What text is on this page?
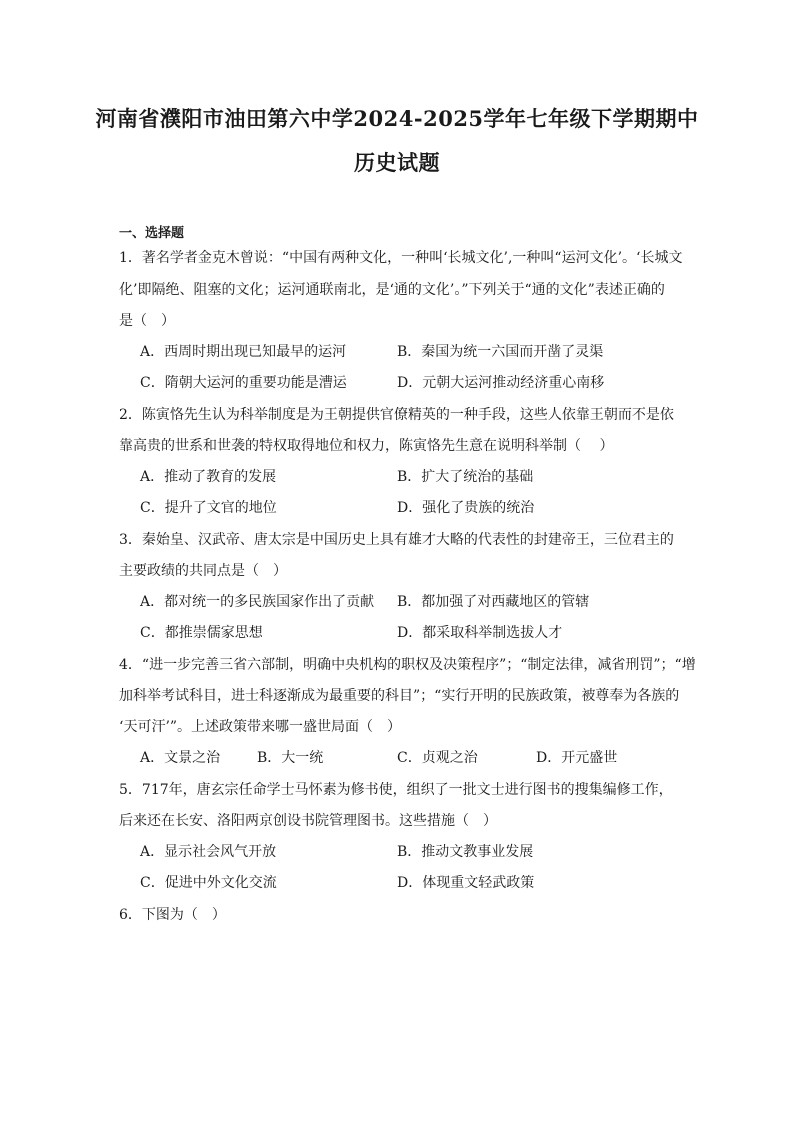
河南省濮阳市油田第六中学2024-2025学年七年级下学期期中
历史试题
一、选择题
1．著名学者金克木曾说：“中国有两种文化，一种叫‘长城文化’,一种叫“运河文化’。‘长城文
化’即隔绝、阻塞的文化；运河通联南北，是‘通的文化’。”下列关于“通的文化”表述正确的
是（　）
A．西周时期出现已知最早的运河	B．秦国为统一六国而开凿了灵渠
C．隋朝大运河的重要功能是漕运	D．元朝大运河推动经济重心南移
2．陈寅恪先生认为科举制度是为王朝提供官僚精英的一种手段，这些人依靠王朝而不是依
靠高贵的世系和世袭的特权取得地位和权力，陈寅恪先生意在说明科举制（　 ）
A．推动了教育的发展	B．扩大了统治的基础
C．提升了文官的地位	D．强化了贵族的统治
3．秦始皇、汉武帝、唐太宗是中国历史上具有雄才大略的代表性的封建帝王，三位君主的
主要政绩的共同点是（　）
A．都对统一的多民族国家作出了贡献 B．都加强了对西藏地区的管辖
C．都推崇儒家思想	D．都采取科举制选拔人才
4．“进一步完善三省六部制，明确中央机构的职权及决策程序”；“制定法律，减省刑罚”；“增
加科举考试科目，进士科逐渐成为最重要的科目”；“实行开明的民族政策，被尊奉为各族的
‘天可汗’”。上述政策带来哪一盛世局面（　）
A．文景之治	B．大一统	C．贞观之治	D．开元盛世
5．717年，唐玄宗任命学士马怀素为修书使，组织了一批文士进行图书的搜集编修工作，
后来还在长安、洛阳两京创设书院管理图书。这些措施（　）
A．显示社会风气开放	B．推动文教事业发展
C．促进中外文化交流	D．体现重文轻武政策
6．下图为（　）
